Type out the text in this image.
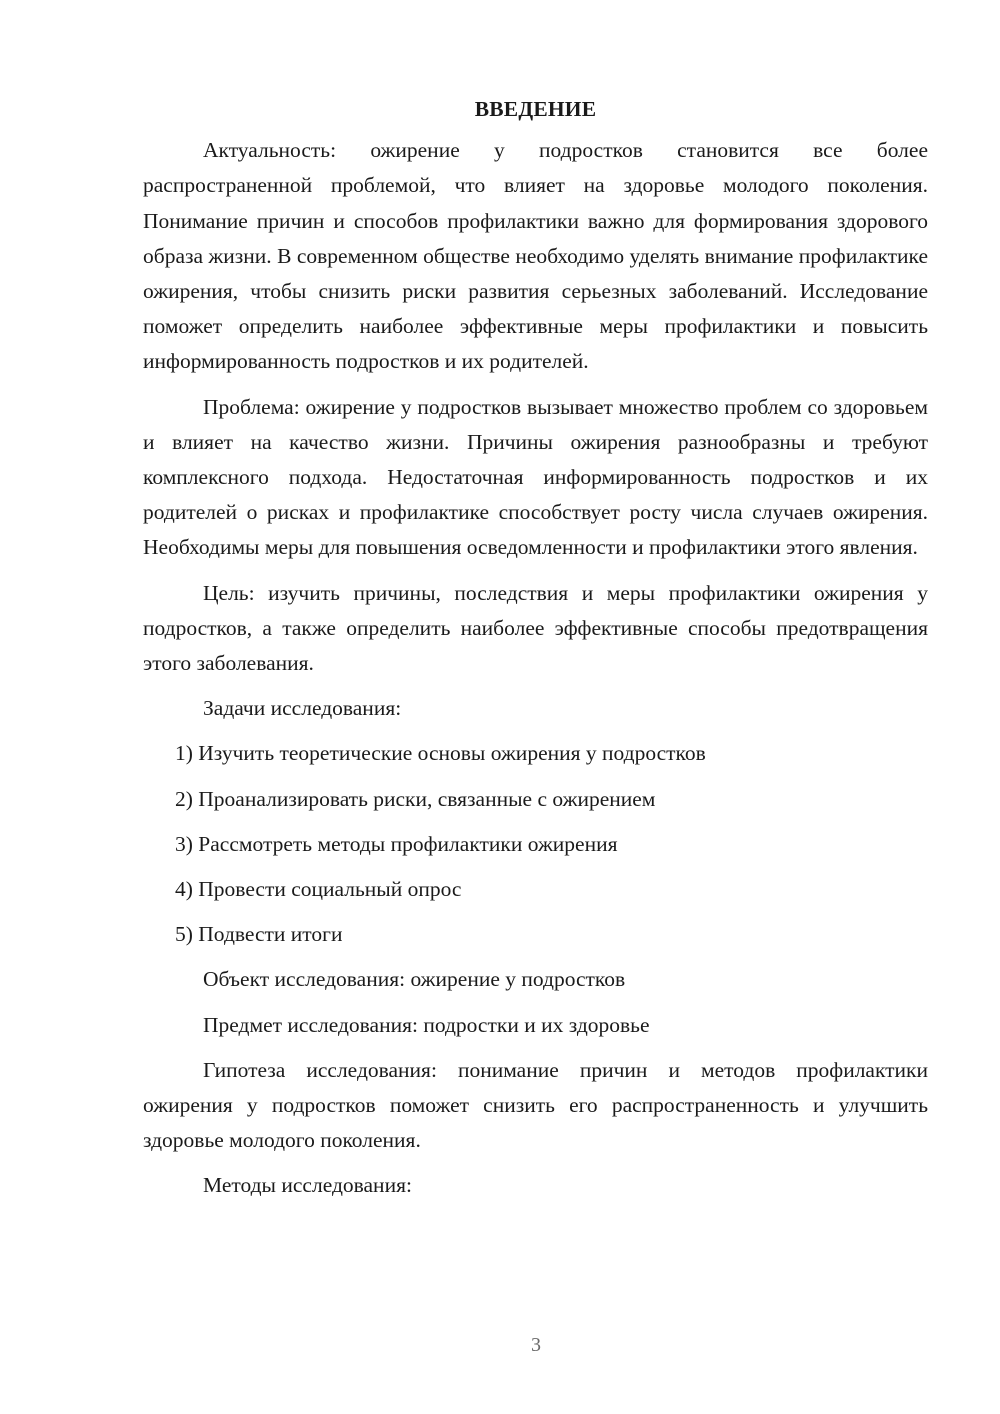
ВВЕДЕНИЕ

Актуальность: ожирение у подростков становится все более распространенной проблемой, что влияет на здоровье молодого поколения. Понимание причин и способов профилактики важно для формирования здорового образа жизни. В современном обществе необходимо уделять внимание профилактике ожирения, чтобы снизить риски развития серьезных заболеваний. Исследование поможет определить наиболее эффективные меры профилактики и повысить информированность подростков и их родителей.

Проблема: ожирение у подростков вызывает множество проблем со здоровьем и влияет на качество жизни. Причины ожирения разнообразны и требуют комплексного подхода. Недостаточная информированность подростков и их родителей о рисках и профилактике способствует росту числа случаев ожирения. Необходимы меры для повышения осведомленности и профилактики этого явления.

Цель: изучить причины, последствия и меры профилактики ожирения у подростков, а также определить наиболее эффективные способы предотвращения этого заболевания.

Задачи исследования:

1) Изучить теоретические основы ожирения у подростков
2) Проанализировать риски, связанные с ожирением
3) Рассмотреть методы профилактики ожирения
4) Провести социальный опрос
5) Подвести итоги

Объект исследования: ожирение у подростков

Предмет исследования: подростки и их здоровье

Гипотеза исследования: понимание причин и методов профилактики ожирения у подростков поможет снизить его распространенность и улучшить здоровье молодого поколения.

Методы исследования:

3
